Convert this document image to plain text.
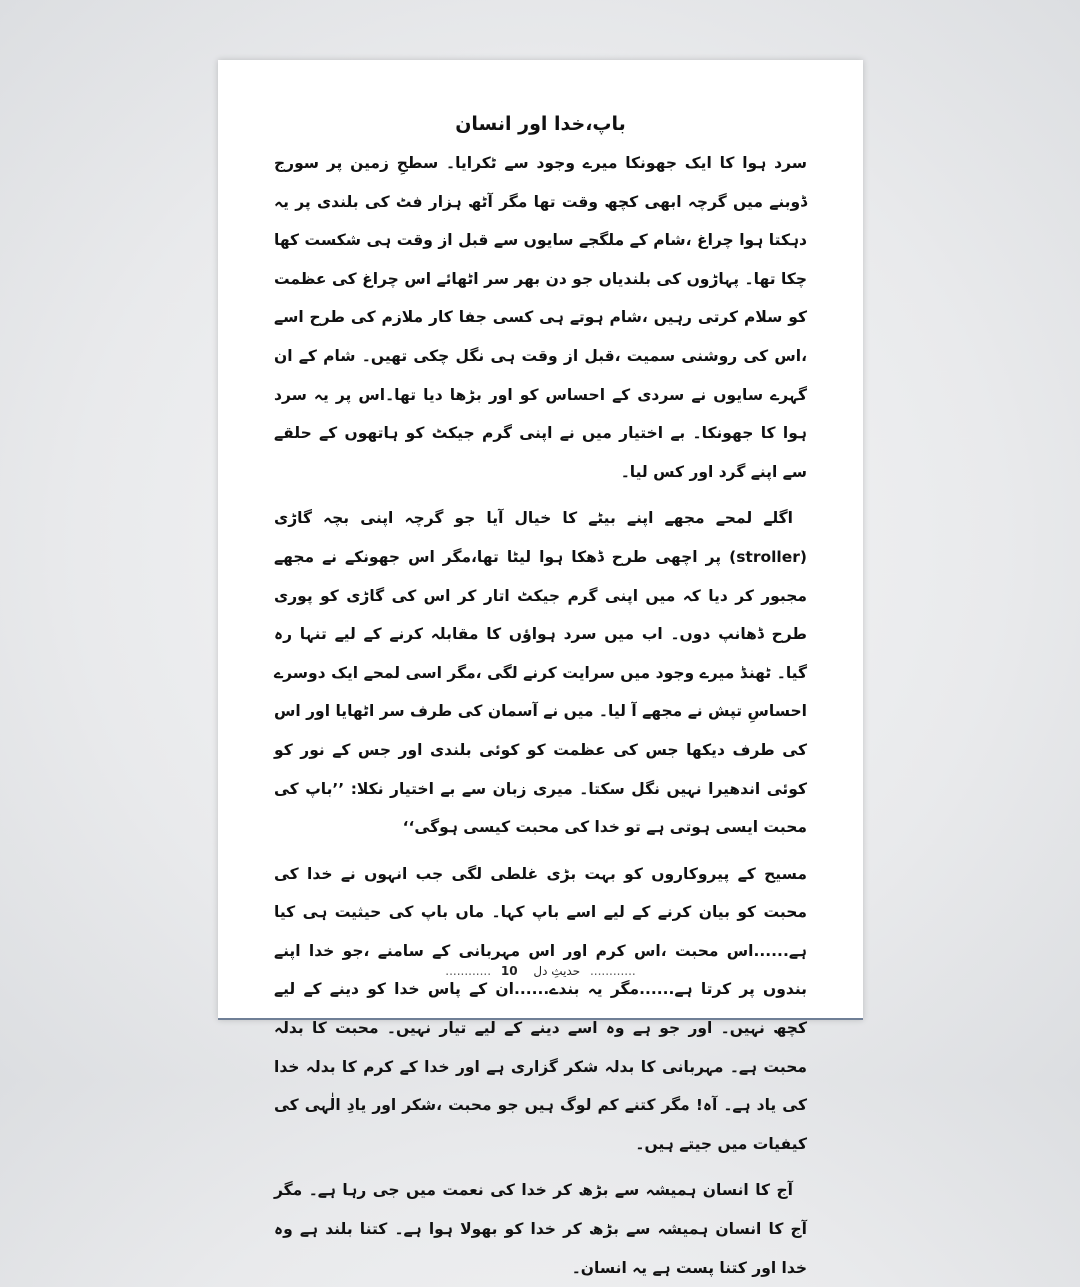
باپ،خدا اور انسان

سرد ہوا کا ایک جھونکا میرے وجود سے ٹکرایا۔ سطحِ زمین پر سورج ڈوبنے میں گرچہ ابھی کچھ وقت تھا مگر آٹھ ہزار فٹ کی بلندی پر یہ دہکتا ہوا چراغ ،شام کے ملگجے سایوں سے قبل از وقت ہی شکست کھا چکا تھا۔ پہاڑوں کی بلندیاں جو دن بھر سر اٹھائے اس چراغ کی عظمت کو سلام کرتی رہیں ،شام ہوتے ہی کسی جفا کار ملازم کی طرح اسے ،اس کی روشنی سمیت ،قبل از وقت ہی نگل چکی تھیں۔ شام کے ان گہرے سایوں نے سردی کے احساس کو اور بڑھا دیا تھا۔اس پر یہ سرد ہوا کا جھونکا۔ بے اختیار میں نے اپنی گرم جیکٹ کو ہاتھوں کے حلقے سے اپنے گرد اور کس لیا۔

اگلے لمحے مجھے اپنے بیٹے کا خیال آیا جو گرچہ اپنی بچہ گاڑی (stroller) پر اچھی طرح ڈھکا ہوا لیٹا تھا،مگر اس جھونکے نے مجھے مجبور کر دیا کہ میں اپنی گرم جیکٹ اتار کر اس کی گاڑی کو پوری طرح ڈھانپ دوں۔ اب میں سرد ہواؤں کا مقابلہ کرنے کے لیے تنہا رہ گیا۔ ٹھنڈ میرے وجود میں سرایت کرنے لگی ،مگر اسی لمحے ایک دوسرے احساسِ تپش نے مجھے آ لیا۔ میں نے آسمان کی طرف سر اٹھایا اور اس کی طرف دیکھا جس کی عظمت کو کوئی بلندی اور جس کے نور کو کوئی اندھیرا نہیں نگل سکتا۔ میری زبان سے بے اختیار نکلا: ’’باپ کی محبت ایسی ہوتی ہے تو خدا کی محبت کیسی ہوگی‘‘

مسیح کے پیروکاروں کو بہت بڑی غلطی لگی جب انہوں نے خدا کی محبت کو بیان کرنے کے لیے اسے باپ کہا۔ ماں باپ کی حیثیت ہی کیا ہے......اس محبت ،اس کرم اور اس مہربانی کے سامنے ،جو خدا اپنے بندوں پر کرتا ہے......مگر یہ بندے......ان کے پاس خدا کو دینے کے لیے کچھ نہیں۔ اور جو ہے وہ اسے دینے کے لیے تیار نہیں۔ محبت کا بدلہ محبت ہے۔ مہربانی کا بدلہ شکر گزاری ہے اور خدا کے کرم کا بدلہ خدا کی یاد ہے۔ آہ! مگر کتنے کم لوگ ہیں جو محبت ،شکر اور یادِ الٰہی کی کیفیات میں جیتے ہیں۔

آج کا انسان ہمیشہ سے بڑھ کر خدا کی نعمت میں جی رہا ہے۔ مگر آج کا انسان ہمیشہ سے بڑھ کر خدا کو بھولا ہوا ہے۔ کتنا بلند ہے وہ خدا اور کتنا پست ہے یہ انسان۔

............ 10 حدیثِ دل ............
